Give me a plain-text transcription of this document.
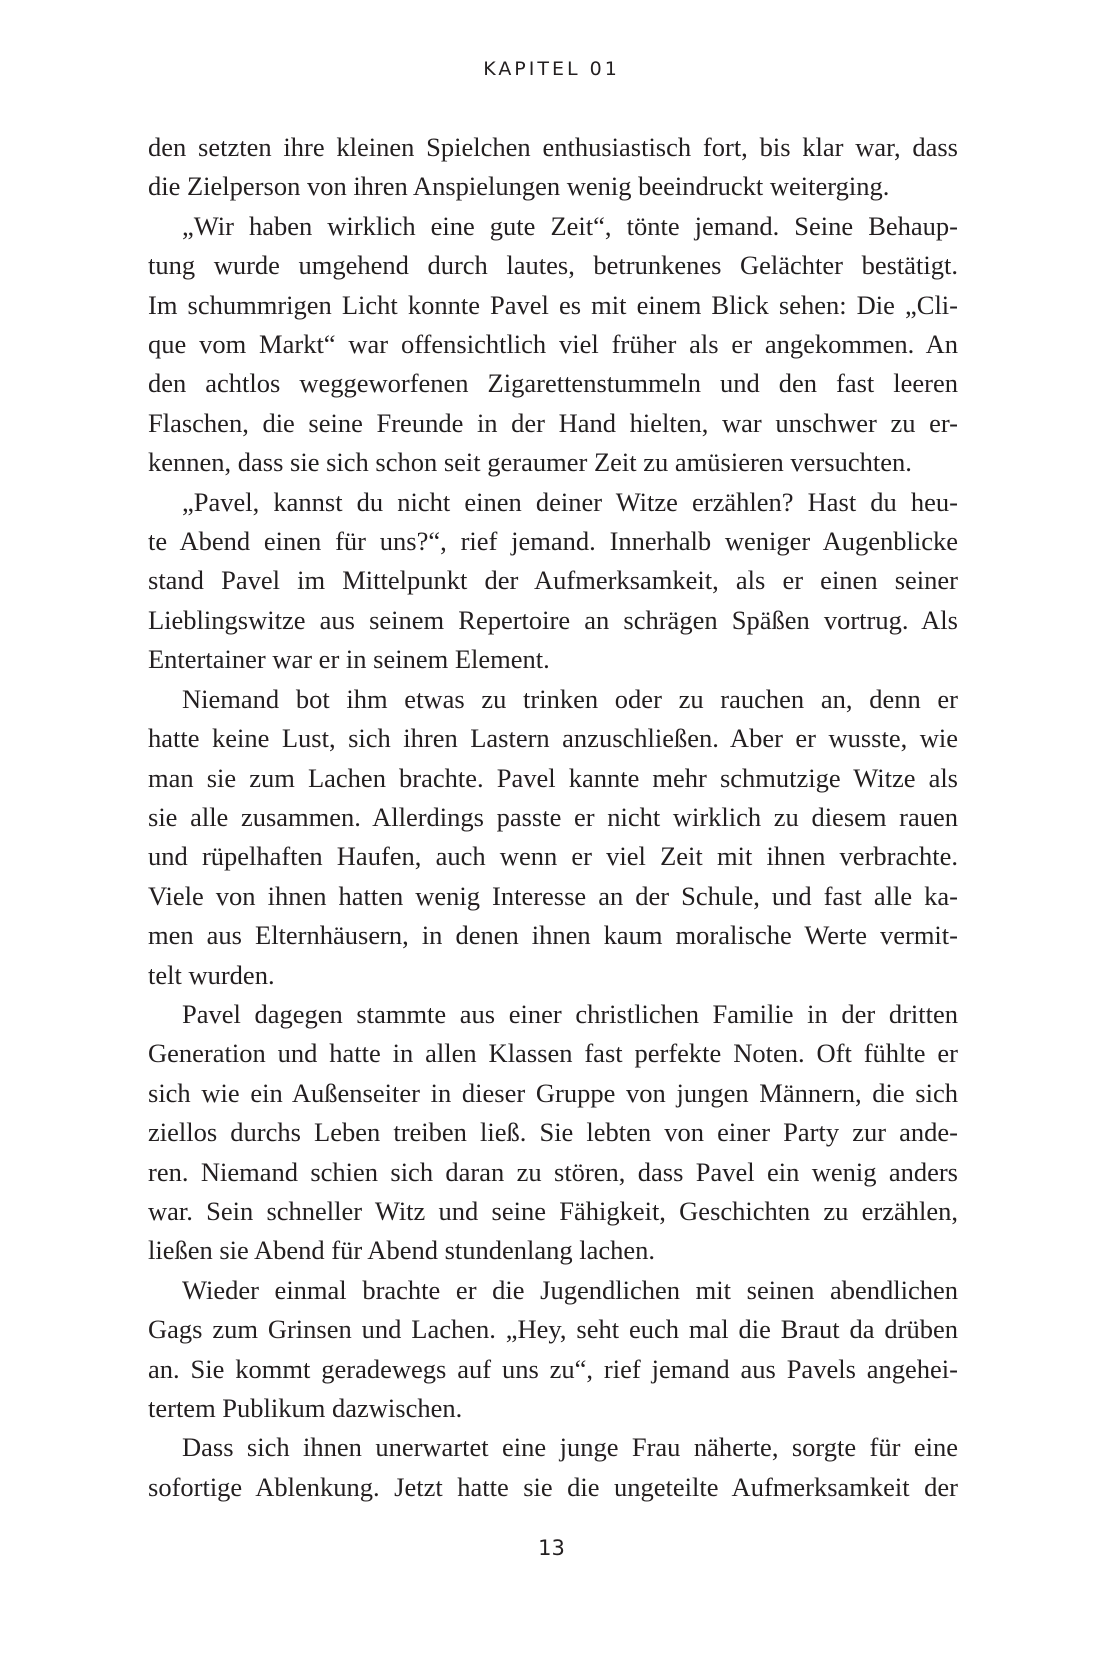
KAPITEL 01
den setzten ihre kleinen Spielchen enthusiastisch fort, bis klar war, dass
die Zielperson von ihren Anspielungen wenig beeindruckt weiterging.
„Wir haben wirklich eine gute Zeit“, tönte jemand. Seine Behaup-
tung wurde umgehend durch lautes, betrunkenes Gelächter bestätigt.
Im schummrigen Licht konnte Pavel es mit einem Blick sehen: Die „Cli-
que vom Markt“ war offensichtlich viel früher als er angekommen. An
den achtlos weggeworfenen Zigarettenstummeln und den fast leeren
Flaschen, die seine Freunde in der Hand hielten, war unschwer zu er-
kennen, dass sie sich schon seit geraumer Zeit zu amüsieren versuchten.
„Pavel, kannst du nicht einen deiner Witze erzählen? Hast du heu-
te Abend einen für uns?“, rief jemand. Innerhalb weniger Augenblicke
stand Pavel im Mittelpunkt der Aufmerksamkeit, als er einen seiner
Lieblingswitze aus seinem Repertoire an schrägen Späßen vortrug. Als
Entertainer war er in seinem Element.
Niemand bot ihm etwas zu trinken oder zu rauchen an, denn er
hatte keine Lust, sich ihren Lastern anzuschließen. Aber er wusste, wie
man sie zum Lachen brachte. Pavel kannte mehr schmutzige Witze als
sie alle zusammen. Allerdings passte er nicht wirklich zu diesem rauen
und rüpelhaften Haufen, auch wenn er viel Zeit mit ihnen verbrachte.
Viele von ihnen hatten wenig Interesse an der Schule, und fast alle ka-
men aus Elternhäusern, in denen ihnen kaum moralische Werte vermit-
telt wurden.
Pavel dagegen stammte aus einer christlichen Familie in der dritten
Generation und hatte in allen Klassen fast perfekte Noten. Oft fühlte er
sich wie ein Außenseiter in dieser Gruppe von jungen Männern, die sich
ziellos durchs Leben treiben ließ. Sie lebten von einer Party zur ande-
ren. Niemand schien sich daran zu stören, dass Pavel ein wenig anders
war. Sein schneller Witz und seine Fähigkeit, Geschichten zu erzählen,
ließen sie Abend für Abend stundenlang lachen.
Wieder einmal brachte er die Jugendlichen mit seinen abendlichen
Gags zum Grinsen und Lachen. „Hey, seht euch mal die Braut da drüben
an. Sie kommt geradewegs auf uns zu“, rief jemand aus Pavels angehei-
tertem Publikum dazwischen.
Dass sich ihnen unerwartet eine junge Frau näherte, sorgte für eine
sofortige Ablenkung. Jetzt hatte sie die ungeteilte Aufmerksamkeit der
13
